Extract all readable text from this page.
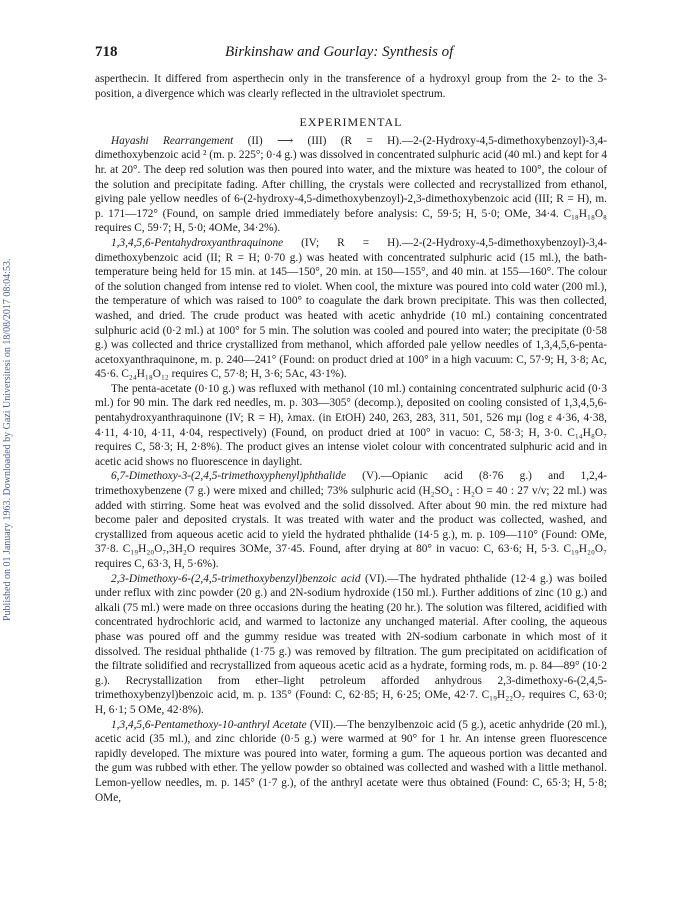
718	Birkinshaw and Gourlay: Synthesis of
Published on 01 January 1963. Downloaded by Gazi Universitesi on 18/08/2017 08:04:53.

asperthecin. It differed from asperthecin only in the transference of a hydroxyl group from the 2- to the 3-position, a divergence which was clearly reflected in the ultraviolet spectrum.

EXPERIMENTAL

Hayashi Rearrangement (II) ⟶ (III) (R = H).—2-(2-Hydroxy-4,5-dimethoxybenzoyl)-3,4-dimethoxybenzoic acid ² (m. p. 225°; 0·4 g.) was dissolved in concentrated sulphuric acid (40 ml.) and kept for 4 hr. at 20°. The deep red solution was then poured into water, and the mixture was heated to 100°, the colour of the solution and precipitate fading. After chilling, the crystals were collected and recrystallized from ethanol, giving pale yellow needles of 6-(2-hydroxy-4,5-dimethoxybenzoyl)-2,3-dimethoxybenzoic acid (III; R = H), m. p. 171—172° (Found, on sample dried immediately before analysis: C, 59·5; H, 5·0; OMe, 34·4. C₁₈H₁₈O₈ requires C, 59·7; H, 5·0; 4OMe, 34·2%).

1,3,4,5,6-Pentahydroxyanthraquinone (IV; R = H).—2-(2-Hydroxy-4,5-dimethoxybenzoyl)-3,4-dimethoxybenzoic acid (II; R = H; 0·70 g.) was heated with concentrated sulphuric acid (15 ml.), the bath-temperature being held for 15 min. at 145—150°, 20 min. at 150—155°, and 40 min. at 155—160°. The colour of the solution changed from intense red to violet. When cool, the mixture was poured into cold water (200 ml.), the temperature of which was raised to 100° to coagulate the dark brown precipitate. This was then collected, washed, and dried. The crude product was heated with acetic anhydride (10 ml.) containing concentrated sulphuric acid (0·2 ml.) at 100° for 5 min. The solution was cooled and poured into water; the precipitate (0·58 g.) was collected and thrice crystallized from methanol, which afforded pale yellow needles of 1,3,4,5,6-penta-acetoxyanthraquinone, m. p. 240—241° (Found: on product dried at 100° in a high vacuum: C, 57·9; H, 3·8; Ac, 45·6. C₂₄H₁₈O₁₂ requires C, 57·8; H, 3·6; 5Ac, 43·1%).

The penta-acetate (0·10 g.) was refluxed with methanol (10 ml.) containing concentrated sulphuric acid (0·3 ml.) for 90 min. The dark red needles, m. p. 303—305° (decomp.), deposited on cooling consisted of 1,3,4,5,6-pentahydroxyanthraquinone (IV; R = H), λmax. (in EtOH) 240, 263, 283, 311, 501, 526 mμ (log ε 4·36, 4·38, 4·11, 4·10, 4·11, 4·04, respectively) (Found, on product dried at 100° in vacuo: C, 58·3; H, 3·0. C₁₄H₈O₇ requires C, 58·3; H, 2·8%). The product gives an intense violet colour with concentrated sulphuric acid and in acetic acid shows no fluorescence in daylight.

6,7-Dimethoxy-3-(2,4,5-trimethoxyphenyl)phthalide (V).—Opianic acid (8·76 g.) and 1,2,4-trimethoxybenzene (7 g.) were mixed and chilled; 73% sulphuric acid (H₂SO₄ : H₂O = 40 : 27 v/v; 22 ml.) was added with stirring. Some heat was evolved and the solid dissolved. After about 90 min. the red mixture had become paler and deposited crystals. It was treated with water and the product was collected, washed, and crystallized from aqueous acetic acid to yield the hydrated phthalide (14·5 g.), m. p. 109—110° (Found: OMe, 37·8. C₁₉H₂₀O₇,3H₂O requires 3OMe, 37·45. Found, after drying at 80° in vacuo: C, 63·6; H, 5·3. C₁₉H₂₀O₇ requires C, 63·3, H, 5·6%).

2,3-Dimethoxy-6-(2,4,5-trimethoxybenzyl)benzoic acid (VI).—The hydrated phthalide (12·4 g.) was boiled under reflux with zinc powder (20 g.) and 2N-sodium hydroxide (150 ml.). Further additions of zinc (10 g.) and alkali (75 ml.) were made on three occasions during the heating (20 hr.). The solution was filtered, acidified with concentrated hydrochloric acid, and warmed to lactonize any unchanged material. After cooling, the aqueous phase was poured off and the gummy residue was treated with 2N-sodium carbonate in which most of it dissolved. The residual phthalide (1·75 g.) was removed by filtration. The gum precipitated on acidification of the filtrate solidified and recrystallized from aqueous acetic acid as a hydrate, forming rods, m. p. 84—89° (10·2 g.). Recrystallization from ether–light petroleum afforded anhydrous 2,3-dimethoxy-6-(2,4,5-trimethoxybenzyl)benzoic acid, m. p. 135° (Found: C, 62·85; H, 6·25; OMe, 42·7. C₁₉H₂₂O₇ requires C, 63·0; H, 6·1; 5 OMe, 42·8%).

1,3,4,5,6-Pentamethoxy-10-anthryl Acetate (VII).—The benzylbenzoic acid (5 g.), acetic anhydride (20 ml.), acetic acid (35 ml.), and zinc chloride (0·5 g.) were warmed at 90° for 1 hr. An intense green fluorescence rapidly developed. The mixture was poured into water, forming a gum. The aqueous portion was decanted and the gum was rubbed with ether. The yellow powder so obtained was collected and washed with a little methanol. Lemon-yellow needles, m. p. 145° (1·7 g.), of the anthryl acetate were thus obtained (Found: C, 65·3; H, 5·8; OMe,
